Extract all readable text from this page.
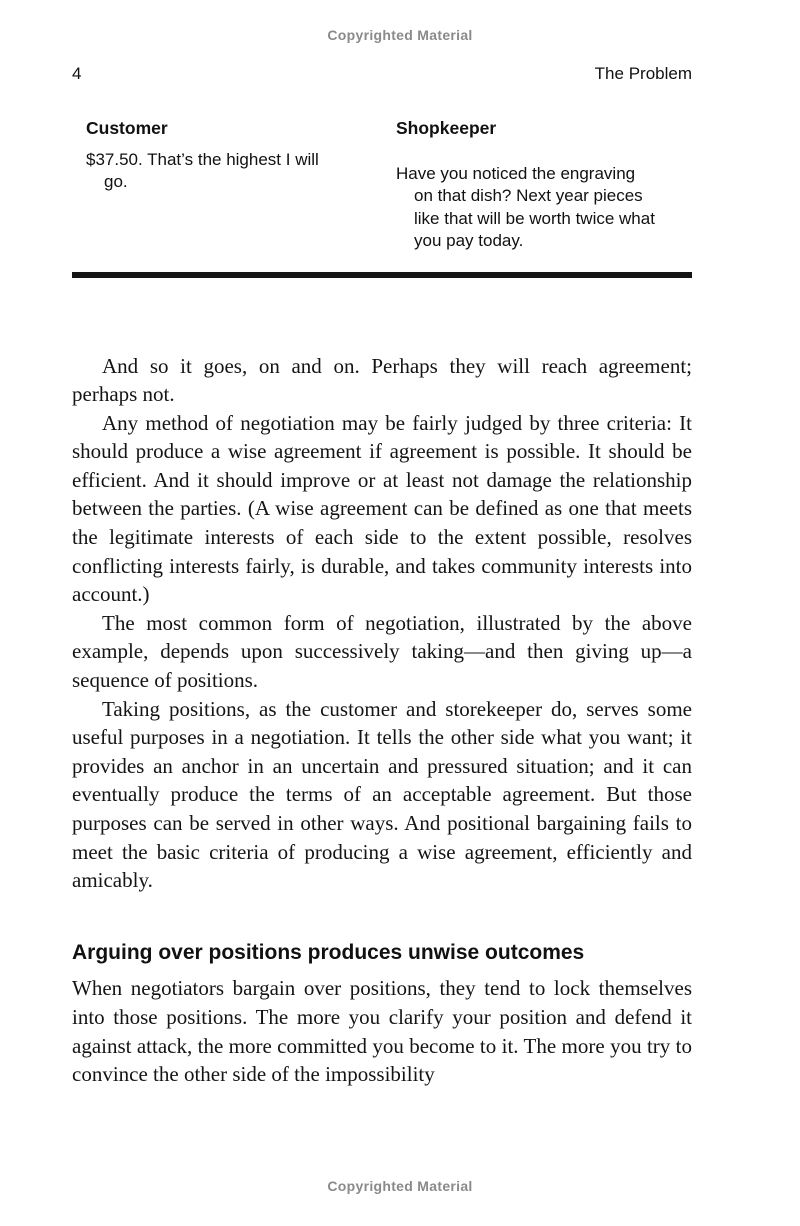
Copyrighted Material
4	The Problem
Customer
$37.50. That’s the highest I will go.
Shopkeeper
Have you noticed the engraving on that dish? Next year pieces like that will be worth twice what you pay today.

And so it goes, on and on. Perhaps they will reach agreement; perhaps not.

Any method of negotiation may be fairly judged by three criteria: It should produce a wise agreement if agreement is possible. It should be efficient. And it should improve or at least not damage the relationship between the parties. (A wise agreement can be defined as one that meets the legitimate interests of each side to the extent possible, resolves conflicting interests fairly, is durable, and takes community interests into account.)

The most common form of negotiation, illustrated by the above example, depends upon successively taking—and then giving up—a sequence of positions.

Taking positions, as the customer and storekeeper do, serves some useful purposes in a negotiation. It tells the other side what you want; it provides an anchor in an uncertain and pressured situation; and it can eventually produce the terms of an acceptable agreement. But those purposes can be served in other ways. And positional bargaining fails to meet the basic criteria of producing a wise agreement, efficiently and amicably.

Arguing over positions produces unwise outcomes

When negotiators bargain over positions, they tend to lock themselves into those positions. The more you clarify your position and defend it against attack, the more committed you become to it. The more you try to convince the other side of the impossibility

Copyrighted Material
